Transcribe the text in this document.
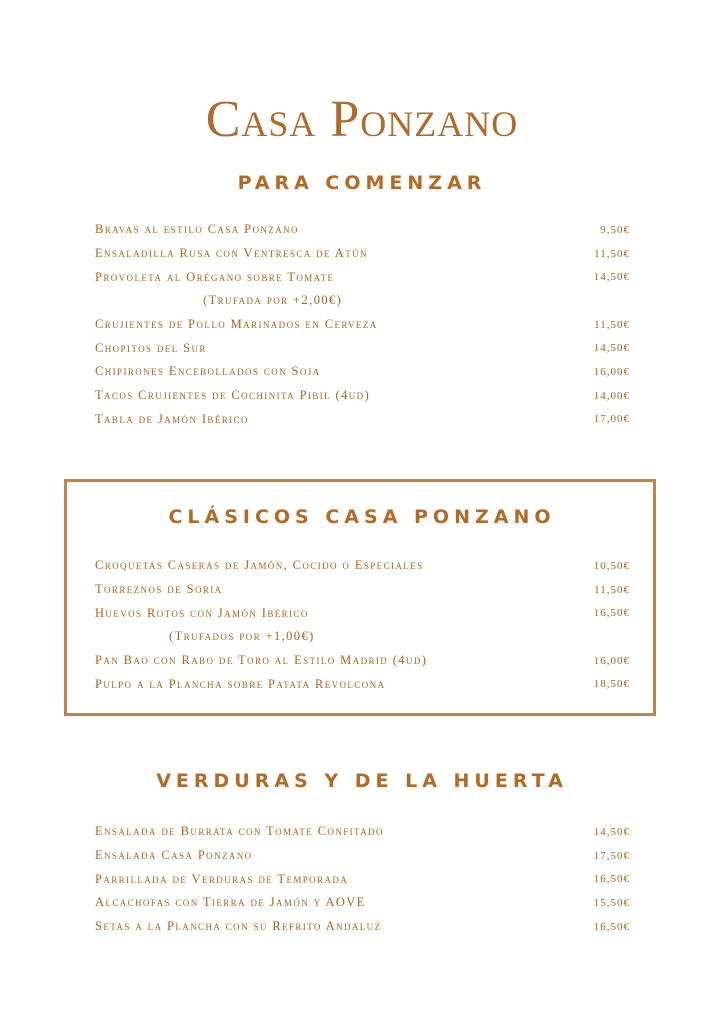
Casa Ponzano
PARA COMENZAR
Bravas al estilo Casa Ponzano	9,50€
Ensaladilla Rusa con Ventresca de Atún	11,50€
Provoleta al Orégano sobre Tomate	14,50€
(Trufada por +2,00€)
Crujientes de Pollo Marinados en Cerveza	11,50€
Chopitos del Sur	14,50€
Chipirones Encebollados con Soja	16,00€
Tacos Crujientes de Cochinita Pibil (4ud)	14,00€
Tabla de Jamón Ibérico	17,00€
CLÁSICOS CASA PONZANO
Croquetas Caseras de Jamón, Cocido o Especiales	10,50€
Torreznos de Soria	11,50€
Huevos Rotos con Jamón Ibérico	16,50€
(Trufados por +1,00€)
Pan Bao con Rabo de Toro al Estilo Madrid (4ud)	16,00€
Pulpo a la Plancha sobre Patata Revolcona	18,50€
VERDURAS Y DE LA HUERTA
Ensalada de Burrata con Tomate Confitado	14,50€
Ensalada Casa Ponzano	17,50€
Parrillada de Verduras de Temporada	16,50€
Alcachofas con Tierra de Jamón y AOVE	15,50€
Setas a la Plancha con su Refrito Andaluz	16,50€
